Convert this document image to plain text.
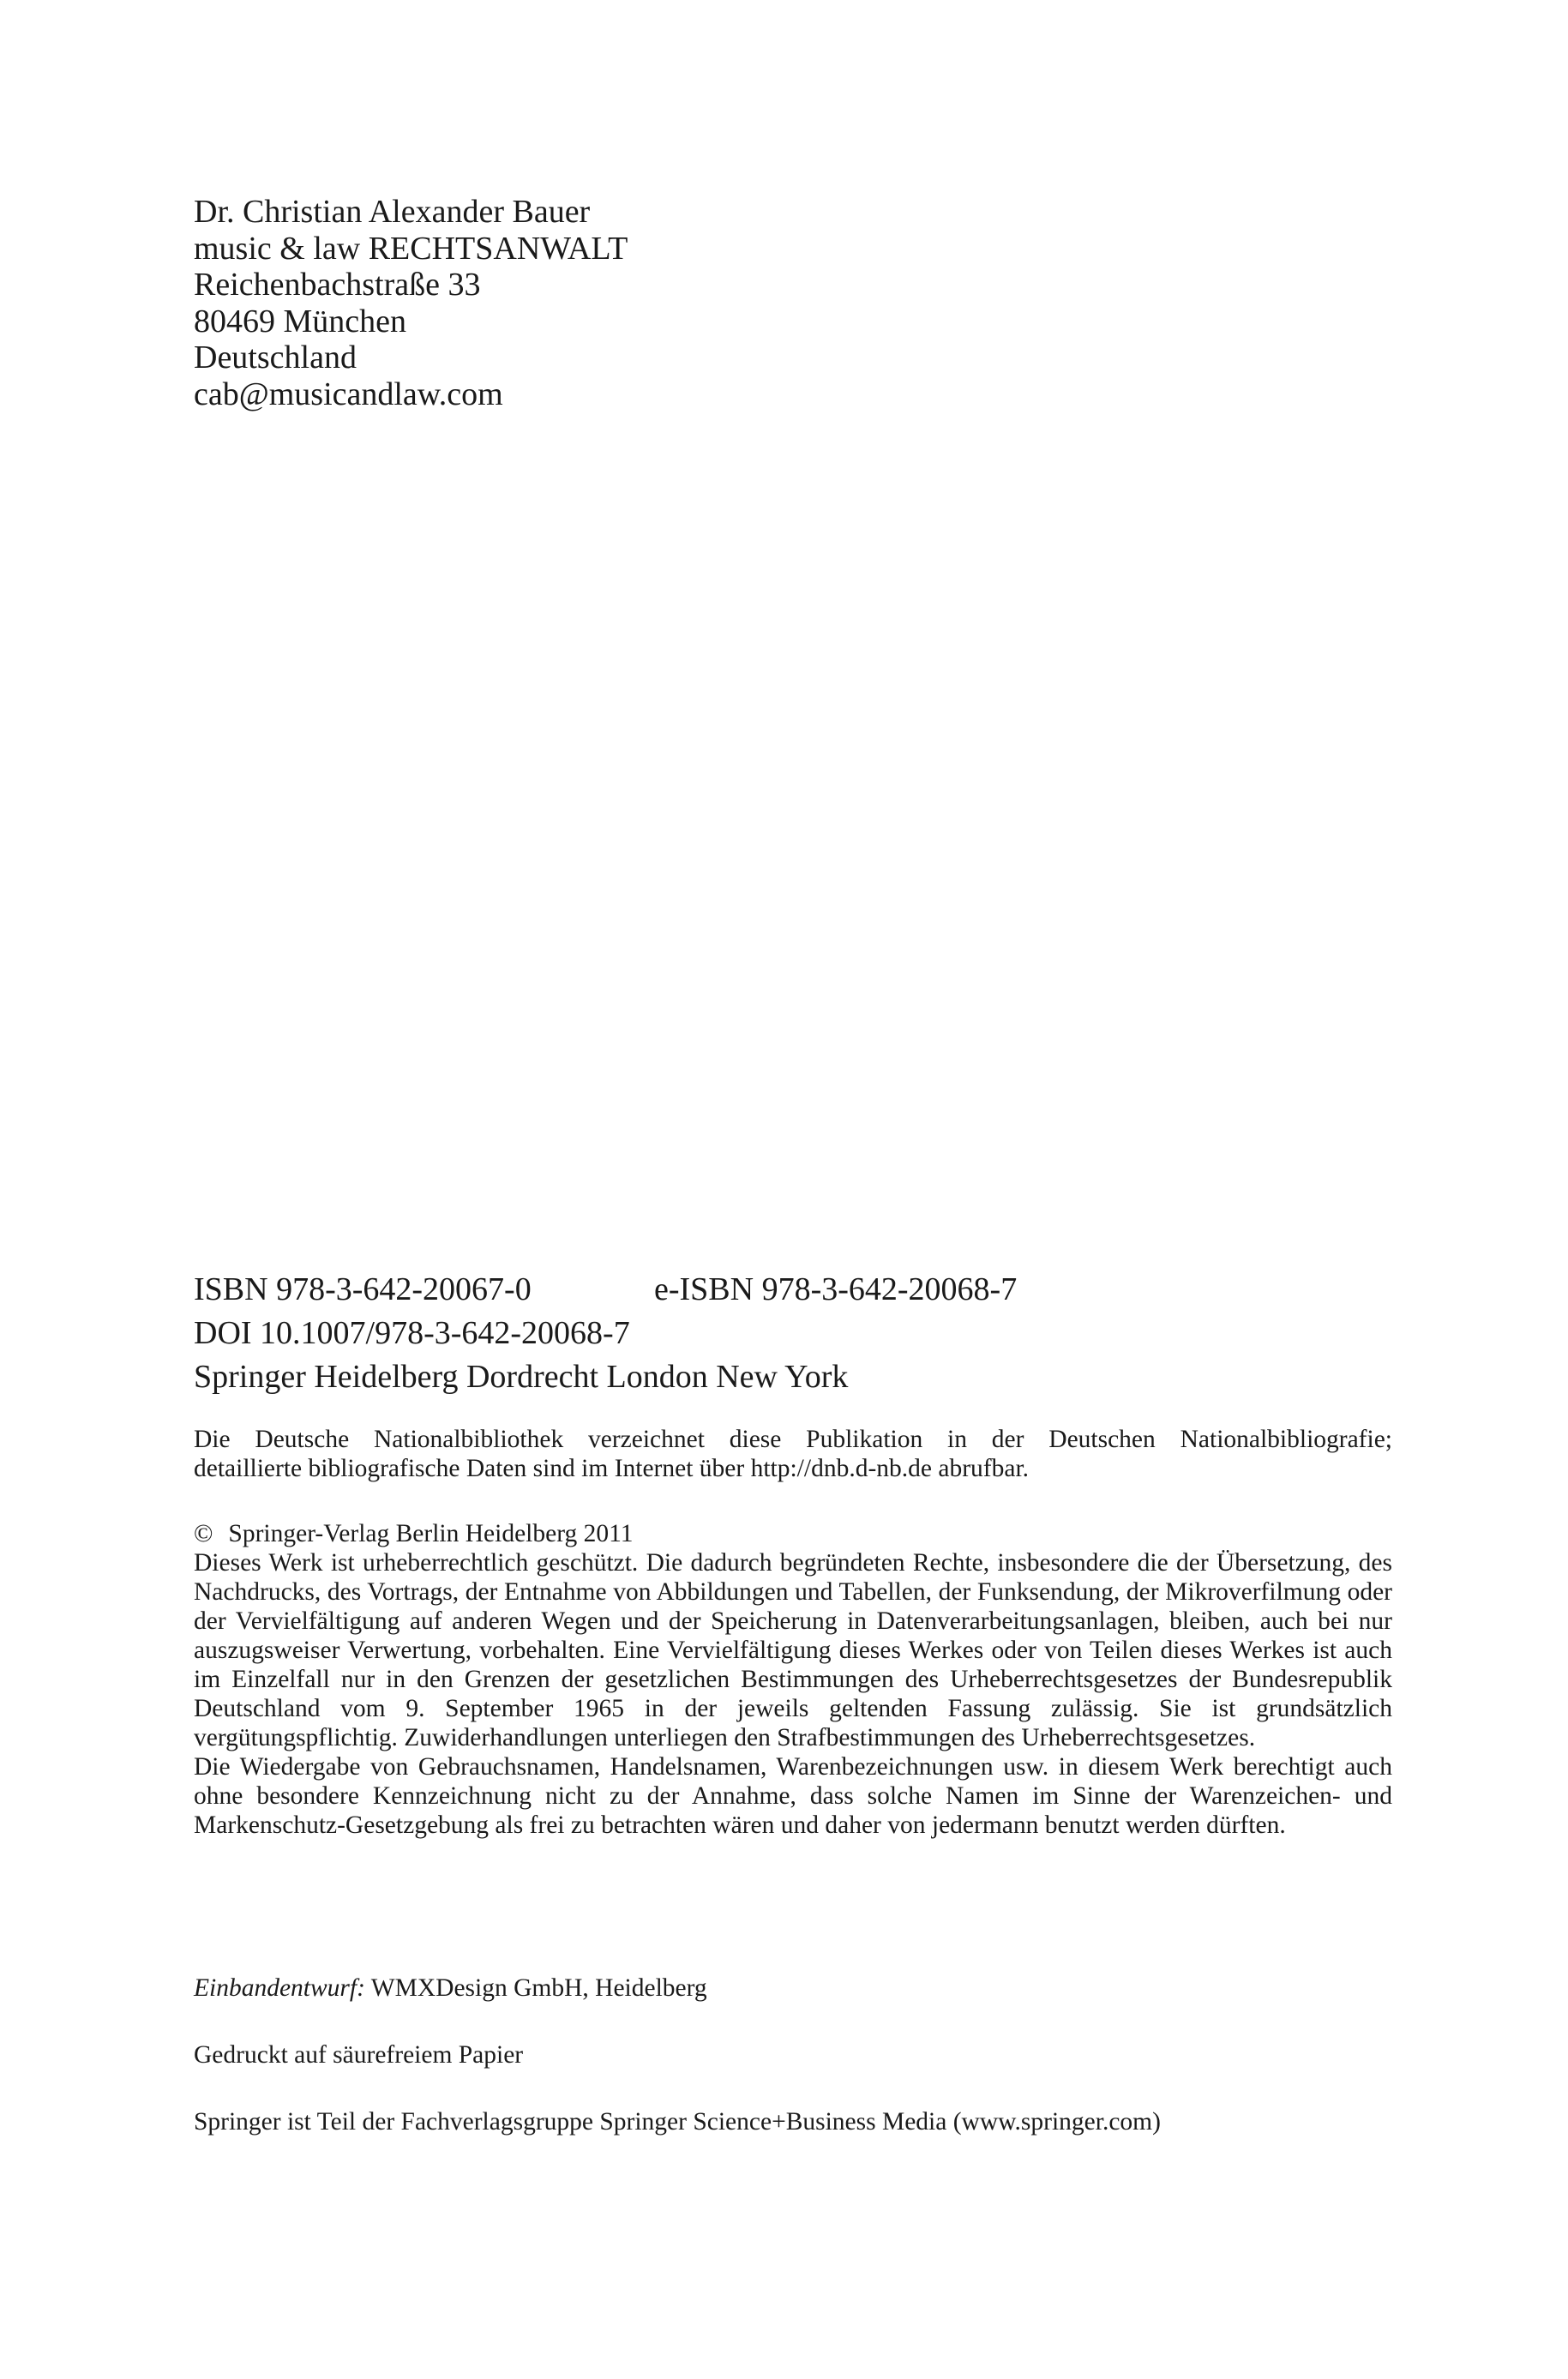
Dr. Christian Alexander Bauer
music & law RECHTSANWALT
Reichenbachstraße 33
80469 München
Deutschland
cab@musicandlaw.com
ISBN 978-3-642-20067-0	e-ISBN 978-3-642-20068-7
DOI 10.1007/978-3-642-20068-7
Springer Heidelberg Dordrecht London New York
Die Deutsche Nationalbibliothek verzeichnet diese Publikation in der Deutschen Nationalbibliografie;
detaillierte bibliografische Daten sind im Internet über http://dnb.d-nb.de abrufbar.
© Springer-Verlag Berlin Heidelberg 2011
Dieses Werk ist urheberrechtlich geschützt. Die dadurch begründeten Rechte, insbesondere die der Übersetzung, des Nachdrucks, des Vortrags, der Entnahme von Abbildungen und Tabellen, der Funksendung, der Mikroverfilmung oder der Vervielfältigung auf anderen Wegen und der Speicherung in Datenverarbeitungsanlagen, bleiben, auch bei nur auszugsweiser Verwertung, vorbehalten. Eine Vervielfältigung dieses Werkes oder von Teilen dieses Werkes ist auch im Einzelfall nur in den Grenzen der gesetzlichen Bestimmungen des Urheberrechtsgesetzes der Bundesrepublik Deutschland vom 9. September 1965 in der jeweils geltenden Fassung zulässig. Sie ist grundsätzlich vergütungspflichtig. Zuwiderhandlungen unterliegen den Strafbestimmungen des Urheberrechtsgesetzes.
Die Wiedergabe von Gebrauchsnamen, Handelsnamen, Warenbezeichnungen usw. in diesem Werk berechtigt auch ohne besondere Kennzeichnung nicht zu der Annahme, dass solche Namen im Sinne der Warenzeichen- und Markenschutz-Gesetzgebung als frei zu betrachten wären und daher von jedermann benutzt werden dürften.
Einbandentwurf: WMXDesign GmbH, Heidelberg
Gedruckt auf säurefreiem Papier
Springer ist Teil der Fachverlagsgruppe Springer Science+Business Media (www.springer.com)
